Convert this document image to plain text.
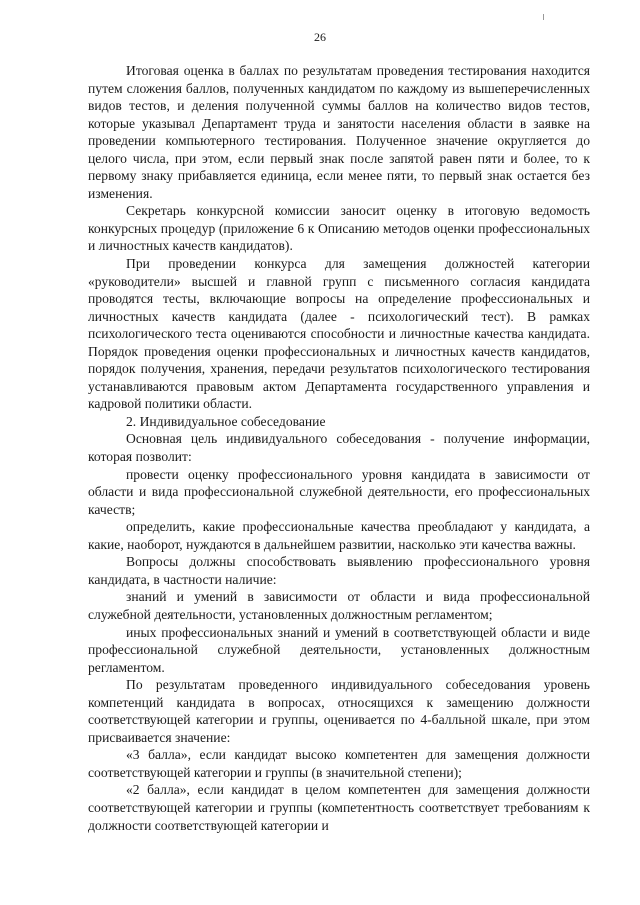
26

Итоговая оценка в баллах по результатам проведения тестирования находится путем сложения баллов, полученных кандидатом по каждому из вышеперечисленных видов тестов, и деления полученной суммы баллов на количество видов тестов, которые указывал Департамент труда и занятости населения области в заявке на проведении компьютерного тестирования. Полученное значение округляется до целого числа, при этом, если первый знак после запятой равен пяти и более, то к первому знаку прибавляется единица, если менее пяти, то первый знак остается без изменения.

Секретарь конкурсной комиссии заносит оценку в итоговую ведомость конкурсных процедур (приложение 6 к Описанию методов оценки профессиональных и личностных качеств кандидатов).

При проведении конкурса для замещения должностей категории «руководители» высшей и главной групп с письменного согласия кандидата проводятся тесты, включающие вопросы на определение профессиональных и личностных качеств кандидата (далее - психологический тест). В рамках психологического теста оцениваются способности и личностные качества кандидата. Порядок проведения оценки профессиональных и личностных качеств кандидатов, порядок получения, хранения, передачи результатов психологического тестирования устанавливаются правовым актом Департамента государственного управления и кадровой политики области.

2. Индивидуальное собеседование

Основная цель индивидуального собеседования - получение информации, которая позволит:

провести оценку профессионального уровня кандидата в зависимости от области и вида профессиональной служебной деятельности, его профессиональных качеств;

определить, какие профессиональные качества преобладают у кандидата, а какие, наоборот, нуждаются в дальнейшем развитии, насколько эти качества важны.

Вопросы должны способствовать выявлению профессионального уровня кандидата, в частности наличие:

знаний и умений в зависимости от области и вида профессиональной служебной деятельности, установленных должностным регламентом;

иных профессиональных знаний и умений в соответствующей области и виде профессиональной служебной деятельности, установленных должностным регламентом.

По результатам проведенного индивидуального собеседования уровень компетенций кандидата в вопросах, относящихся к замещению должности соответствующей категории и группы, оценивается по 4-балльной шкале, при этом присваивается значение:

«3 балла», если кандидат высоко компетентен для замещения должности соответствующей категории и группы (в значительной степени);

«2 балла», если кандидат в целом компетентен для замещения должности соответствующей категории и группы (компетентность соответствует требованиям к должности соответствующей категории и
